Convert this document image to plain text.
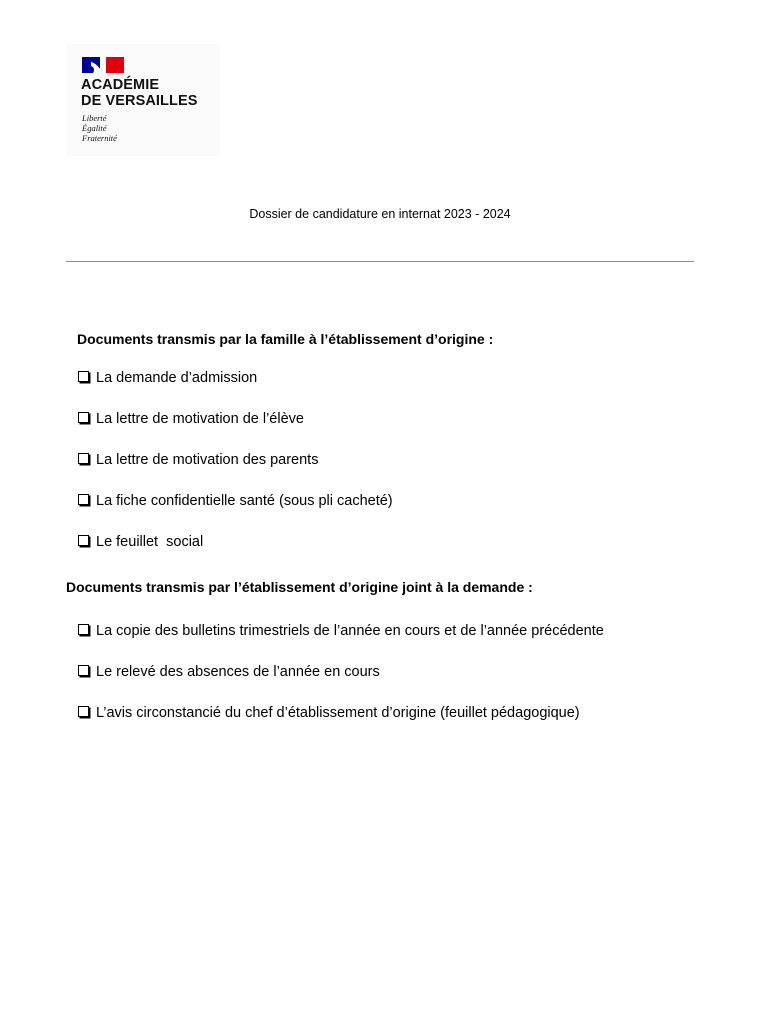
ACADÉMIE
DE VERSAILLES
Liberté
Égalité
Fraternité
Dossier de candidature en internat 2023 - 2024
Documents transmis par la famille à l’établissement d’origine :
La demande d’admission
La lettre de motivation de l’élève
La lettre de motivation des parents
La fiche confidentielle santé (sous pli cacheté)
Le feuillet  social
Documents transmis par l’établissement d’origine joint à la demande :
La copie des bulletins trimestriels de l’année en cours et de l’année précédente
Le relevé des absences de l’année en cours
L’avis circonstancié du chef d’établissement d’origine (feuillet pédagogique)
